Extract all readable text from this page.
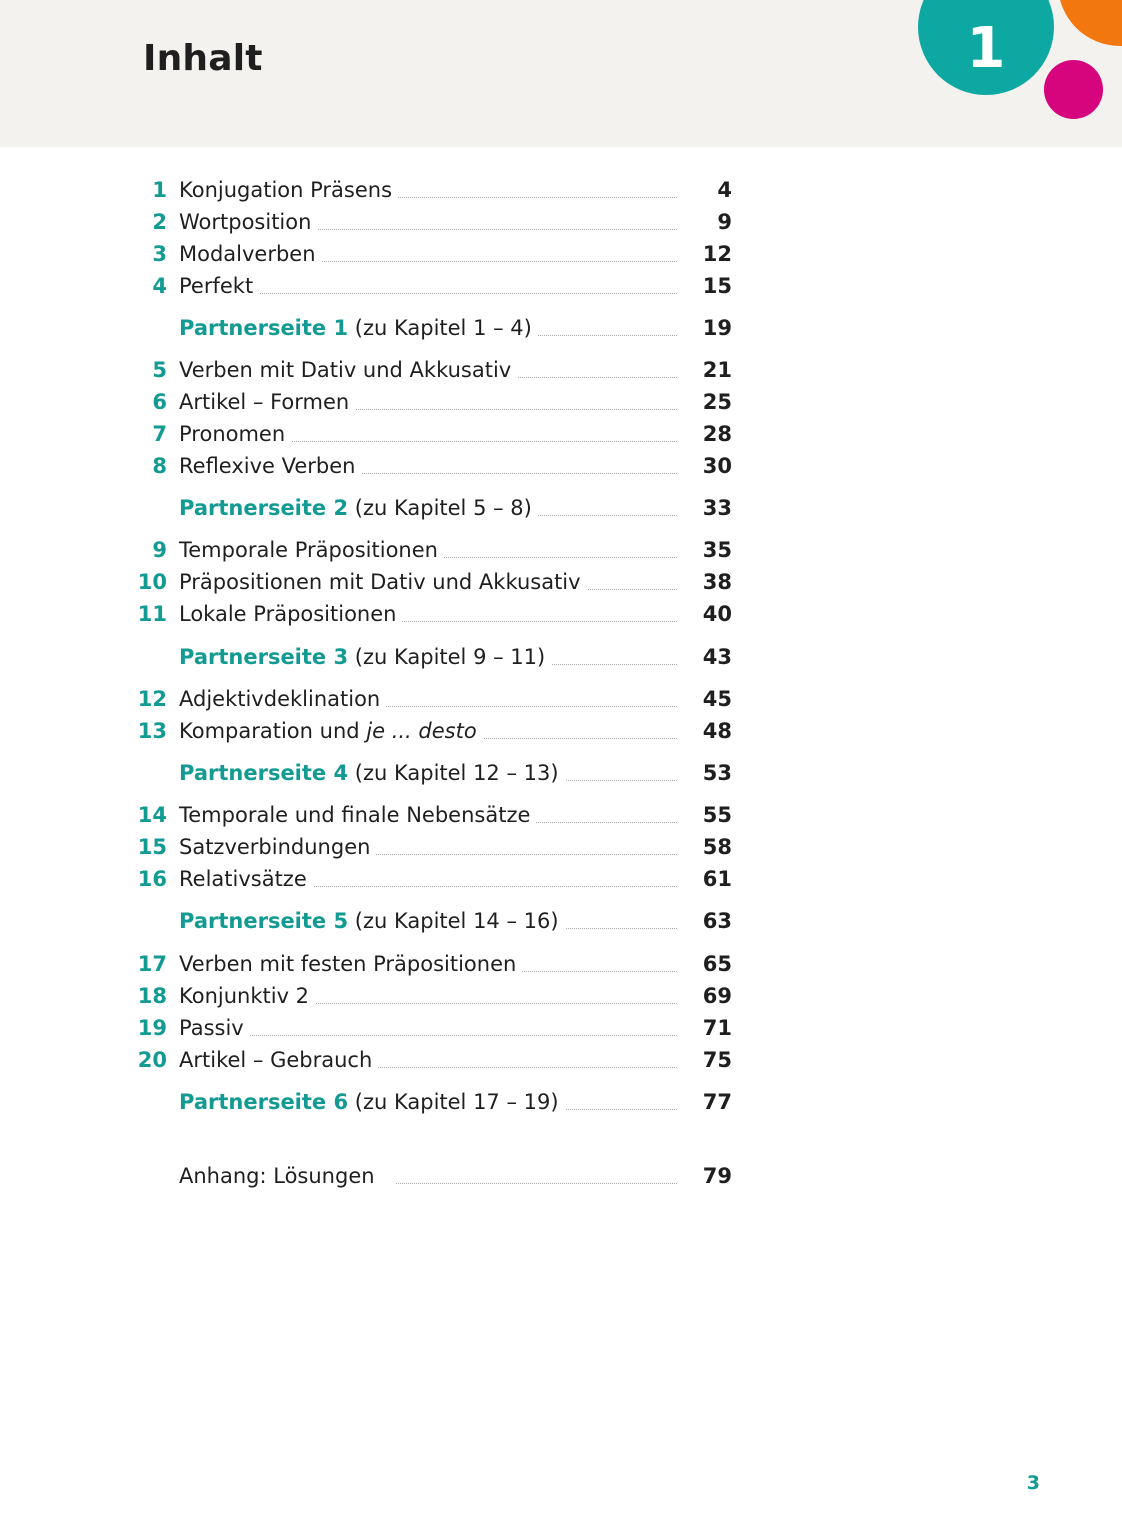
Inhalt	1
1 Konjugation Präsens	4
2 Wortposition	9
3 Modalverben	12
4 Perfekt	15
Partnerseite 1 (zu Kapitel 1 – 4)	19
5 Verben mit Dativ und Akkusativ	21
6 Artikel – Formen	25
7 Pronomen	28
8 Reflexive Verben	30
Partnerseite 2 (zu Kapitel 5 – 8)	33
9 Temporale Präpositionen	35
10 Präpositionen mit Dativ und Akkusativ	38
11 Lokale Präpositionen	40
Partnerseite 3 (zu Kapitel 9 – 11)	43
12 Adjektivdeklination	45
13 Komparation und je ... desto	48
Partnerseite 4 (zu Kapitel 12 – 13)	53
14 Temporale und finale Nebensätze	55
15 Satzverbindungen	58
16 Relativsätze	61
Partnerseite 5 (zu Kapitel 14 – 16)	63
17 Verben mit festen Präpositionen	65
18 Konjunktiv 2	69
19 Passiv	71
20 Artikel – Gebrauch	75
Partnerseite 6 (zu Kapitel 17 – 19)	77
Anhang: Lösungen	79
3
